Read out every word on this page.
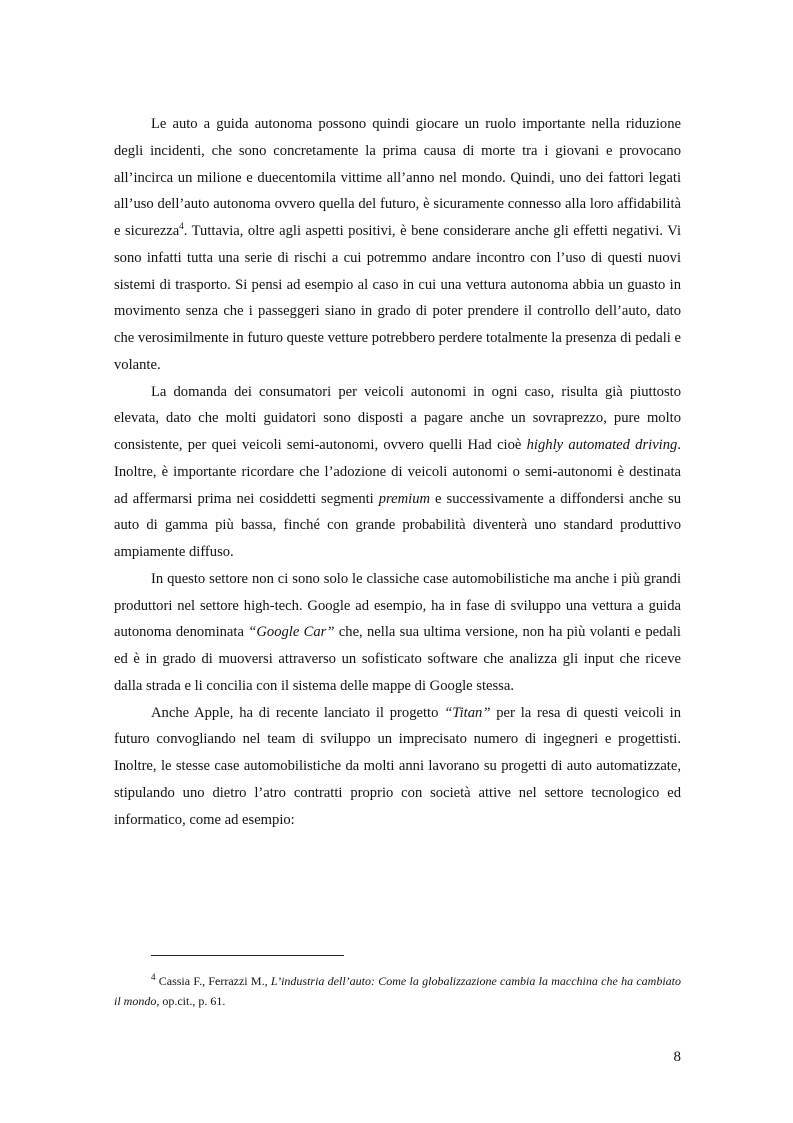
Le auto a guida autonoma possono quindi giocare un ruolo importante nella riduzione degli incidenti, che sono concretamente la prima causa di morte tra i giovani e provocano all’incirca un milione e duecentomila vittime all’anno nel mondo. Quindi, uno dei fattori legati all’uso dell’auto autonoma ovvero quella del futuro, è sicuramente connesso alla loro affidabilità e sicurezza$^4$. Tuttavia, oltre agli aspetti positivi, è bene considerare anche gli effetti negativi. Vi sono infatti tutta una serie di rischi a cui potremmo andare incontro con l’uso di questi nuovi sistemi di trasporto. Si pensi ad esempio al caso in cui una vettura autonoma abbia un guasto in movimento senza che i passeggeri siano in grado di poter prendere il controllo dell’auto, dato che verosimilmente in futuro queste vetture potrebbero perdere totalmente la presenza di pedali e volante.

La domanda dei consumatori per veicoli autonomi in ogni caso, risulta già piuttosto elevata, dato che molti guidatori sono disposti a pagare anche un sovraprezzo, pure molto consistente, per quei veicoli semi-autonomi, ovvero quelli Had cioè highly automated driving. Inoltre, è importante ricordare che l’adozione di veicoli autonomi o semi-autonomi è destinata ad affermarsi prima nei cosiddetti segmenti premium e successivamente a diffondersi anche su auto di gamma più bassa, finché con grande probabilità diventerà uno standard produttivo ampiamente diffuso.

In questo settore non ci sono solo le classiche case automobilistiche ma anche i più grandi produttori nel settore high-tech. Google ad esempio, ha in fase di sviluppo una vettura a guida autonoma denominata “Google Car” che, nella sua ultima versione, non ha più volanti e pedali ed è in grado di muoversi attraverso un sofisticato software che analizza gli input che riceve dalla strada e li concilia con il sistema delle mappe di Google stessa.

Anche Apple, ha di recente lanciato il progetto “Titan” per la resa di questi veicoli in futuro convogliando nel team di sviluppo un imprecisato numero di ingegneri e progettisti. Inoltre, le stesse case automobilistiche da molti anni lavorano su progetti di auto automatizzate, stipulando uno dietro l’atro contratti proprio con società attive nel settore tecnologico ed informatico, come ad esempio:

$^4$ Cassia F., Ferrazzi M., L’industria dell’auto: Come la globalizzazione cambia la macchina che ha cambiato il mondo, op.cit., p. 61.
8
